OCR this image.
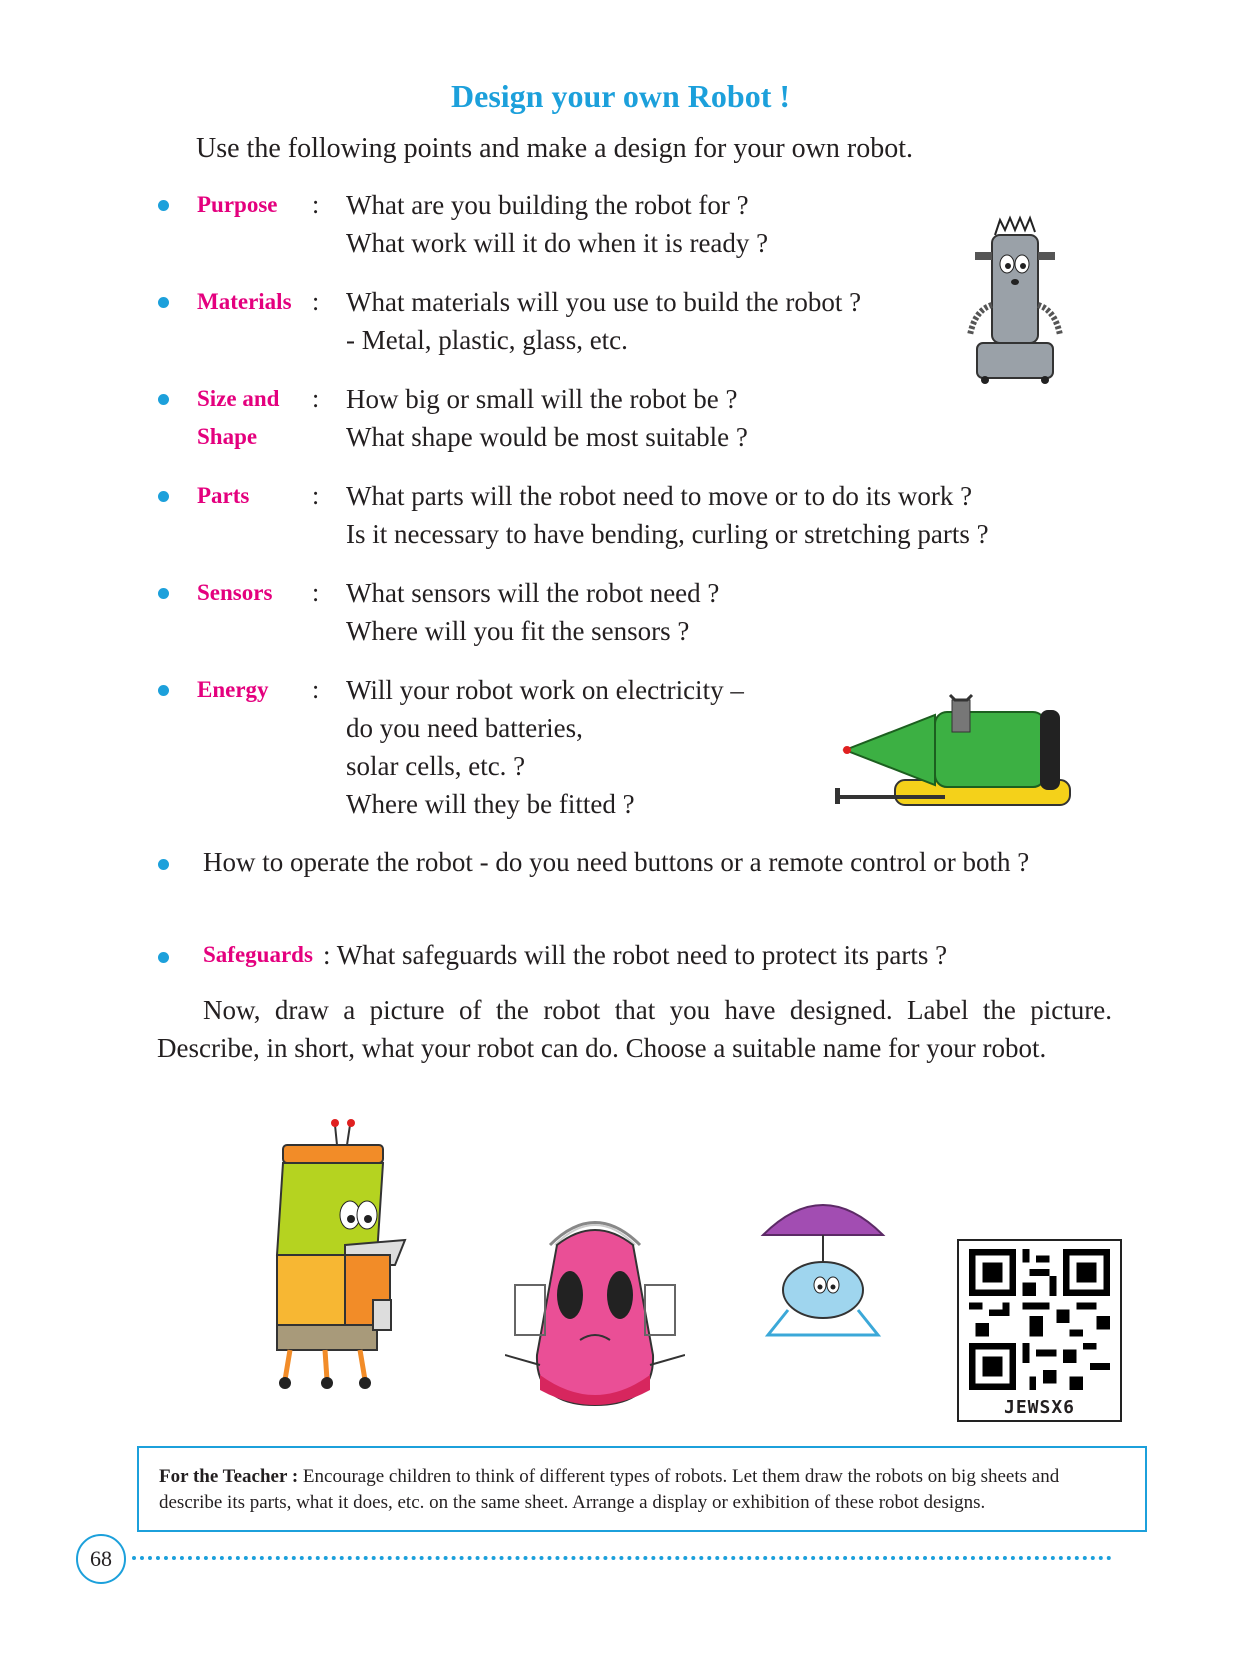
Design your own Robot !
Use the following points and make a design for your own robot.
Purpose : What are you building the robot for ?
What work will it do when it is ready ?
Materials : What materials will you use to build the robot ?
- Metal, plastic, glass, etc.
Size and
Shape
: How big or small will the robot be ?
What shape would be most suitable ?
Parts : What parts will the robot need to move or to do its work ?
Is it necessary to have bending, curling or stretching parts ?
Sensors : What sensors will the robot need ?
Where will you fit the sensors ?
Energy : Will your robot work on electricity –
do you need batteries,
solar cells, etc. ?
Where will they be fitted ?
How to operate the robot - do you need buttons or a remote control or both ?
Safeguards : What safeguards will the robot need to protect its parts ?
Now, draw a picture of the robot that you have designed. Label the picture. Describe, in short, what your robot can do. Choose a suitable name for your robot.
JEWSX6
For the Teacher : Encourage children to think of different types of robots. Let them draw the robots on big sheets and describe its parts, what it does, etc. on the same sheet. Arrange a display or exhibition of these robot designs.
68
